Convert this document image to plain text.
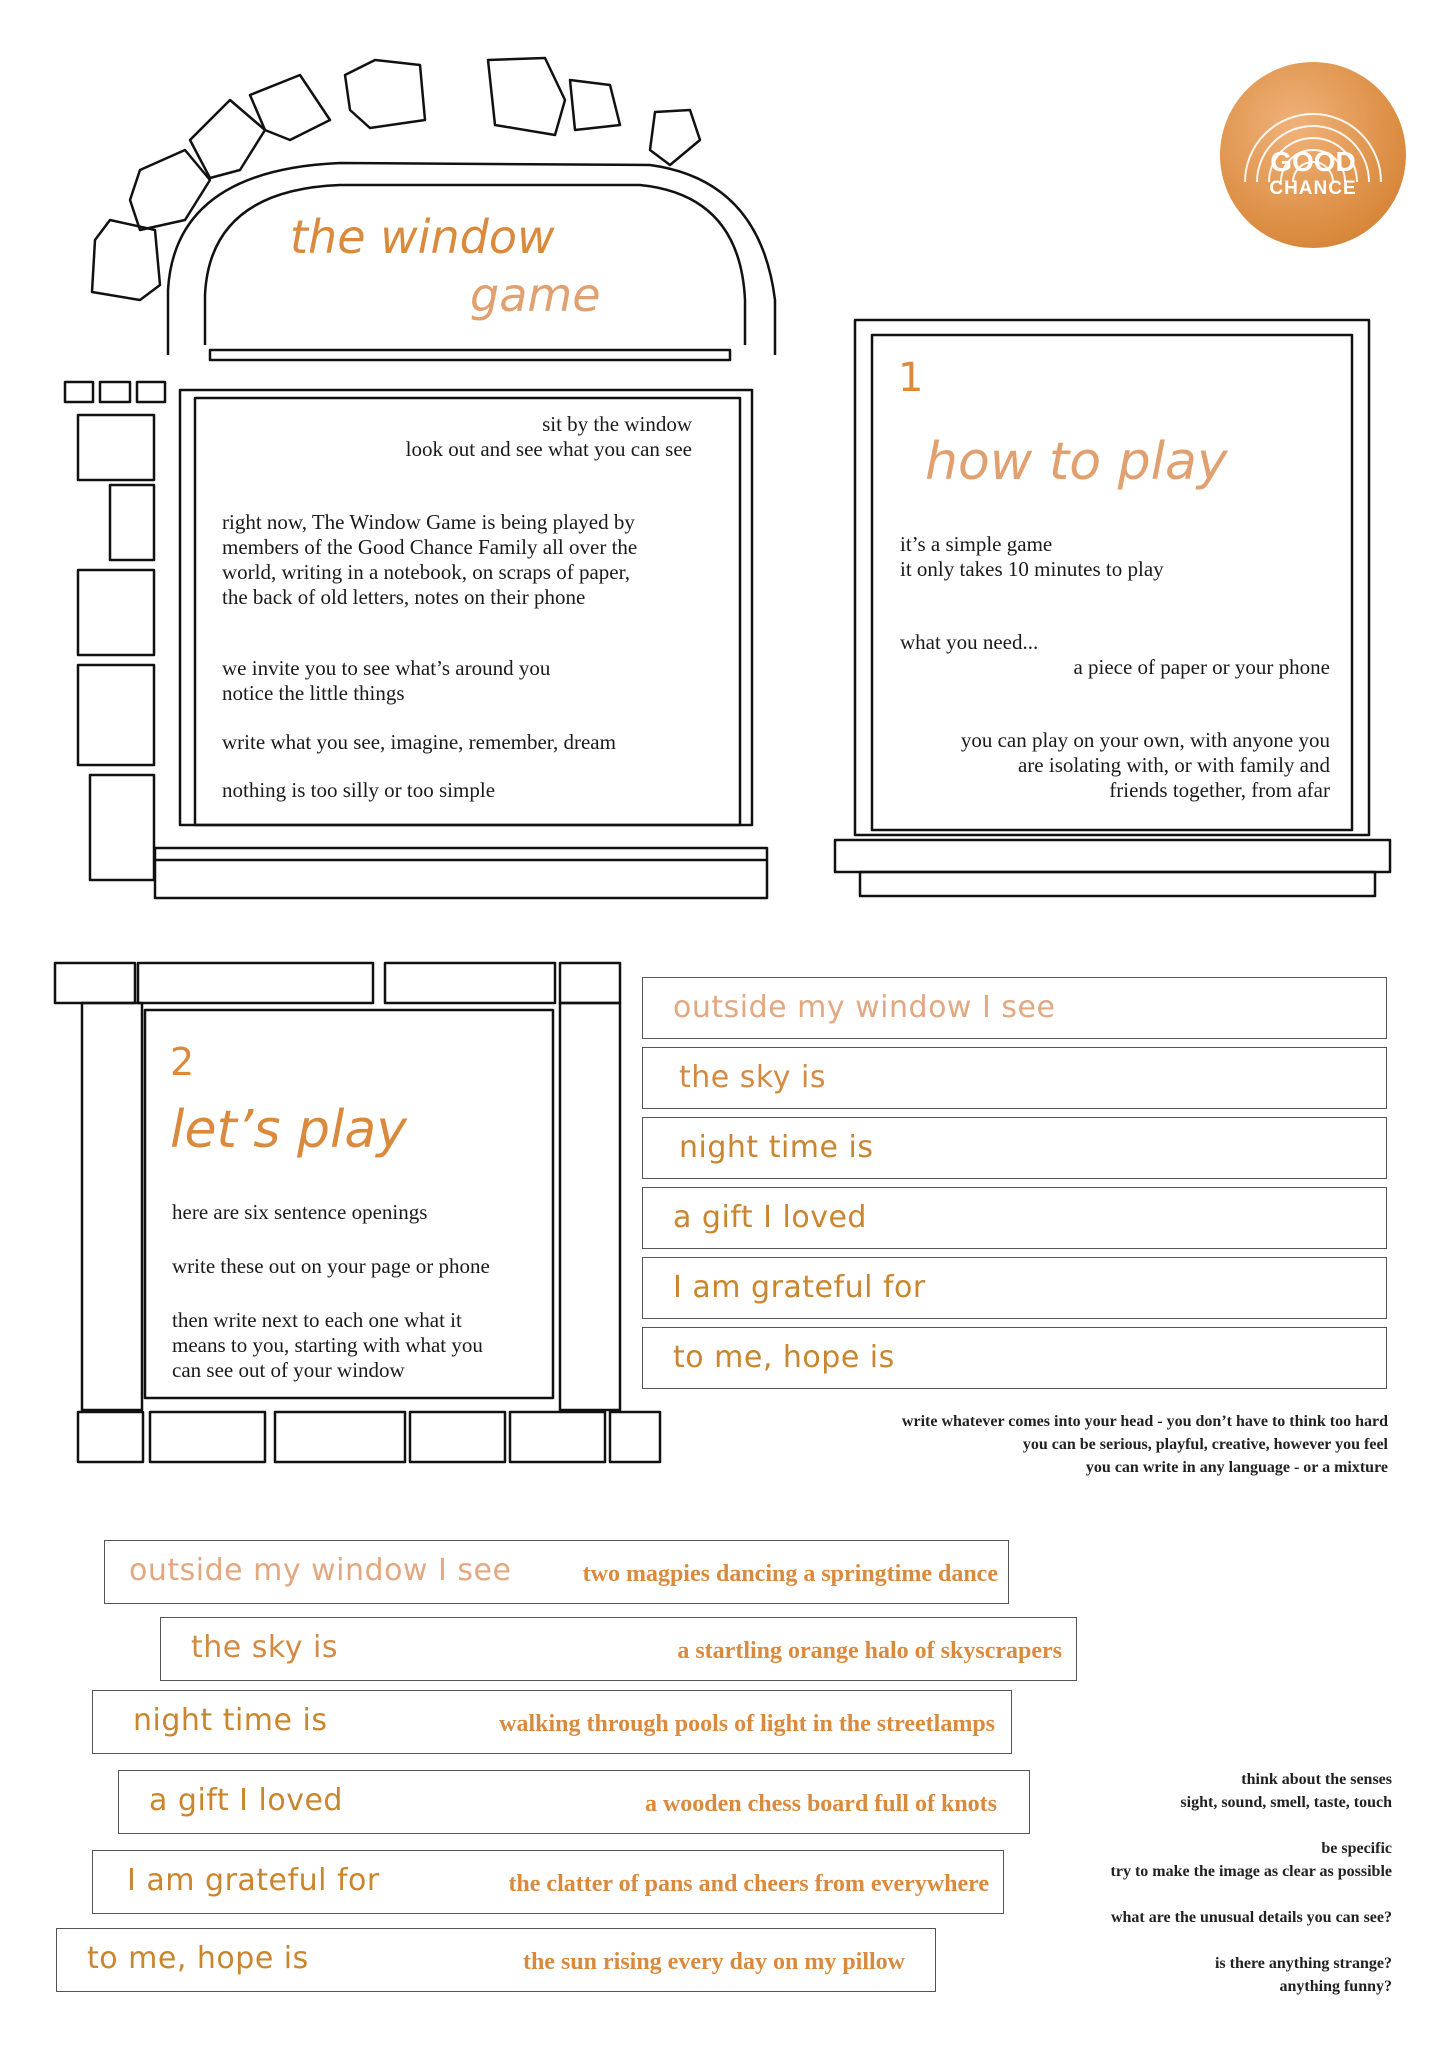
GOOD
CHANCE
the window
game
sit by the window
look out and see what you can see
right now, The Window Game is being played by
members of the Good Chance Family all over the
world, writing in a notebook, on scraps of paper,
the back of old letters, notes on their phone
we invite you to see what’s around you
notice the little things
write what you see, imagine, remember, dream
nothing is too silly or too simple
1
how to play
it’s a simple game
it only takes 10 minutes to play
what you need...
a piece of paper or your phone
you can play on your own, with anyone you
are isolating with, or with family and
friends together, from afar
2
let’s play
here are six sentence openings
write these out on your page or phone
then write next to each one what it
means to you, starting with what you
can see out of your window
outside my window I see
the sky is
night time is
a gift I loved
I am grateful for
to me, hope is
write whatever comes into your head - you don’t have to think too hard
you can be serious, playful, creative, however you feel
you can write in any language - or a mixture
outside my window I see	two magpies dancing a springtime dance
the sky is	a startling orange halo of skyscrapers
night time is	walking through pools of light in the streetlamps
a gift I loved	a wooden chess board full of knots
I am grateful for	the clatter of pans and cheers from everywhere
to me, hope is	the sun rising every day on my pillow
think about the senses
sight, sound, smell, taste, touch
be specific
try to make the image as clear as possible
what are the unusual details you can see?
is there anything strange?
anything funny?
